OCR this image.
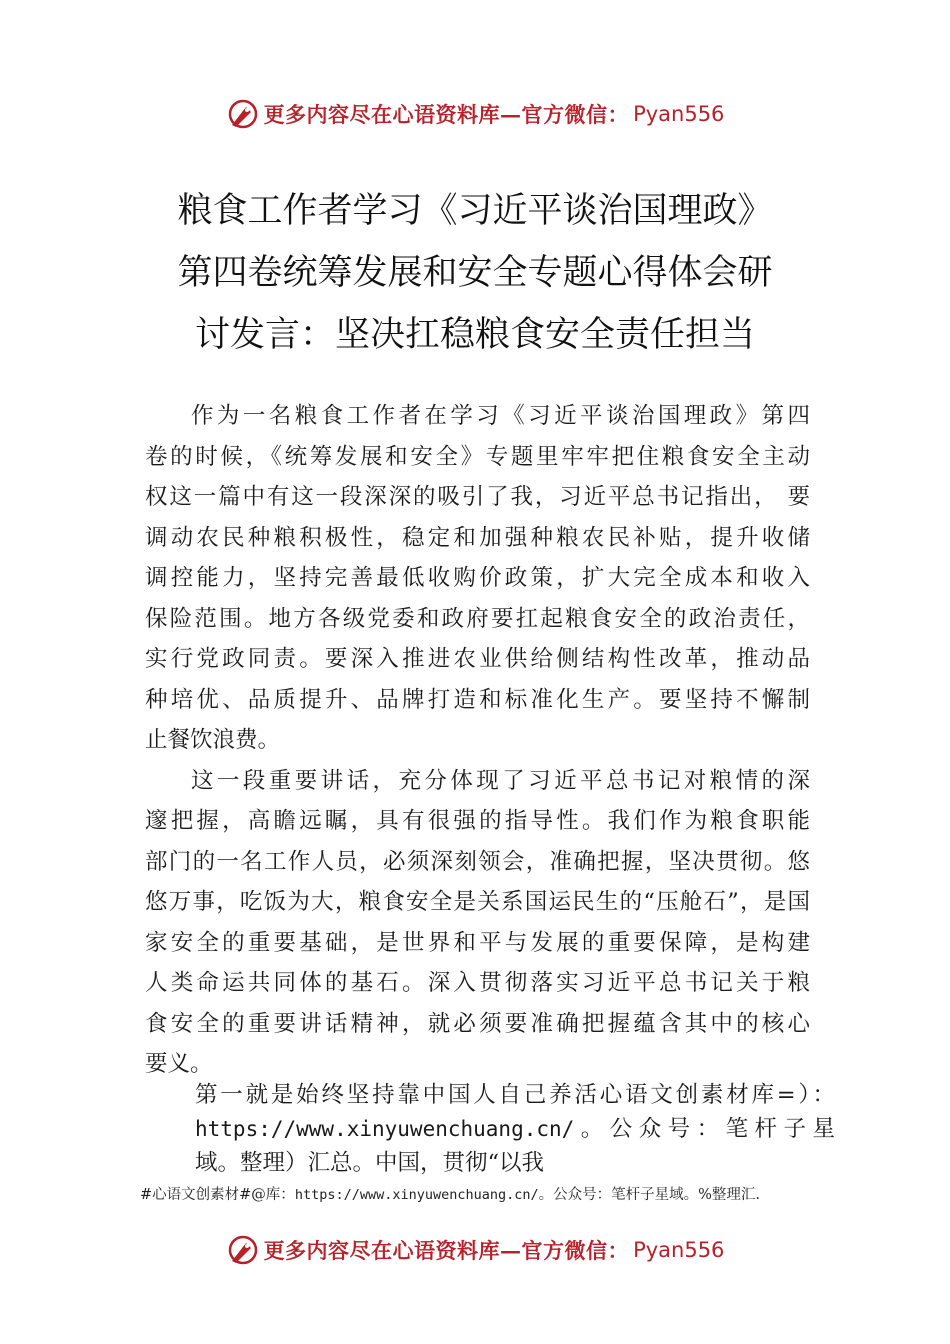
更多内容尽在心语资料库—官方微信： Pyan556
粮食工作者学习《习近平谈治国理政》
第四卷统筹发展和安全专题心得体会研
讨发言：坚决扛稳粮食安全责任担当
作为一名粮食工作者在学习《习近平谈治国理政》第四
卷的时候，《统筹发展和安全》专题里牢牢把住粮食安全主动
权这一篇中有这一段深深的吸引了我，习近平总书记指出， 要
调动农民种粮积极性，稳定和加强种粮农民补贴，提升收储
调控能力，坚持完善最低收购价政策，扩大完全成本和收入
保险范围。地方各级党委和政府要扛起粮食安全的政治责任，
实行党政同责。要深入推进农业供给侧结构性改革，推动品
种培优、品质提升、品牌打造和标准化生产。要坚持不懈制
止餐饮浪费。
这一段重要讲话，充分体现了习近平总书记对粮情的深
邃把握，高瞻远瞩，具有很强的指导性。我们作为粮食职能
部门的一名工作人员，必须深刻领会，准确把握，坚决贯彻。悠
悠万事，吃饭为大，粮食安全是关系国运民生的“压舱石”，是国
家安全的重要基础，是世界和平与发展的重要保障，是构建
人类命运共同体的基石。深入贯彻落实习近平总书记关于粮
食安全的重要讲话精神，就必须要准确把握蕴含其中的核心
要义。
第一就是始终坚持靠中国人自己养活心语文创素材库=）：
https://www.xinyuwenchuang.cn/。公众号：笔杆子星
域。整理）汇总。中国，贯彻“以我
#心语文创素材#@库：https://www.xinyuwenchuang.cn/。公众号：笔杆子星域。%整理汇.
更多内容尽在心语资料库—官方微信： Pyan556
